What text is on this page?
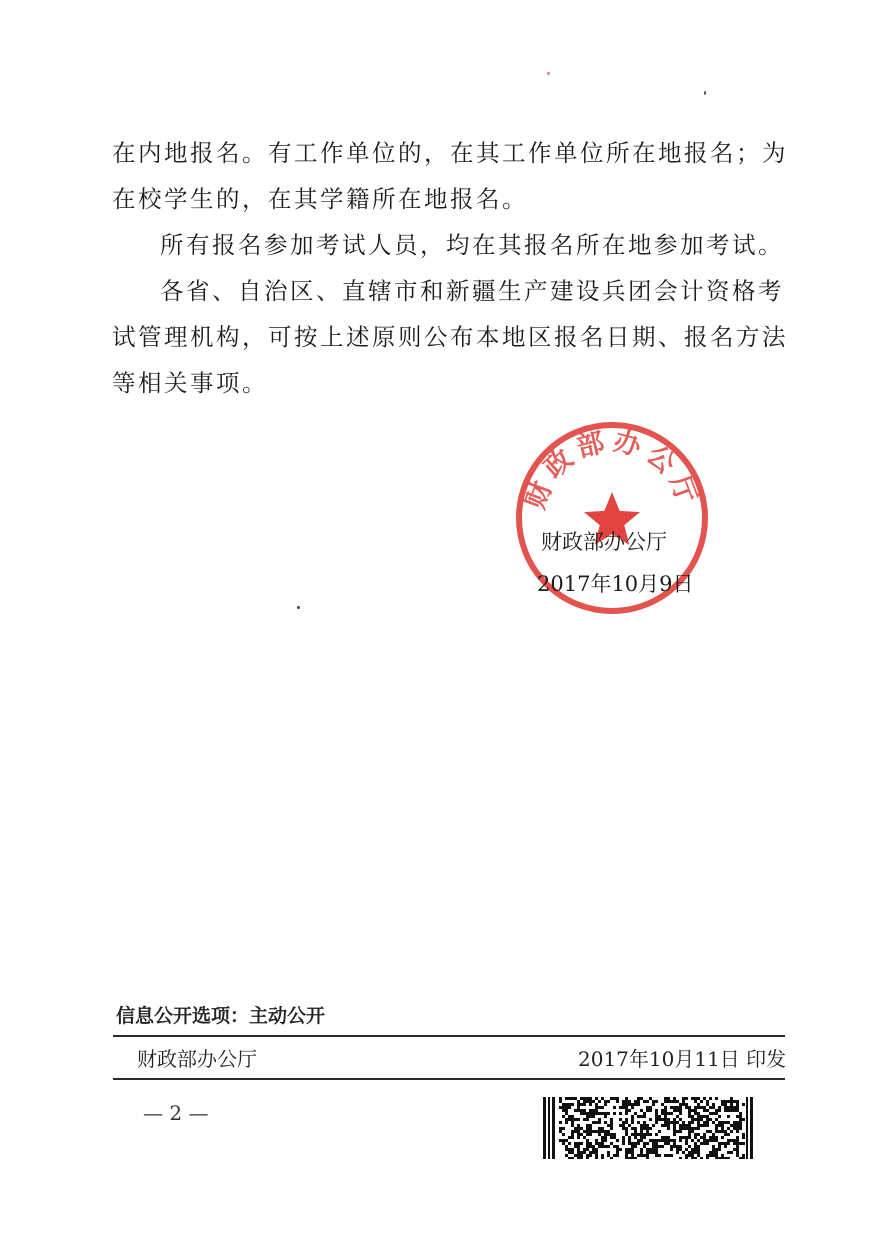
在内地报名。有工作单位的，在其工作单位所在地报名；为在校学生的，在其学籍所在地报名。

所有报名参加考试人员，均在其报名所在地参加考试。

各省、自治区、直辖市和新疆生产建设兵团会计资格考试管理机构，可按上述原则公布本地区报名日期、报名方法等相关事项。

财政部办公厅
财政部办公厅
2017年10月9日
信息公开选项：主动公开
财政部办公厅	2017年10月11日 印发
— 2 —
